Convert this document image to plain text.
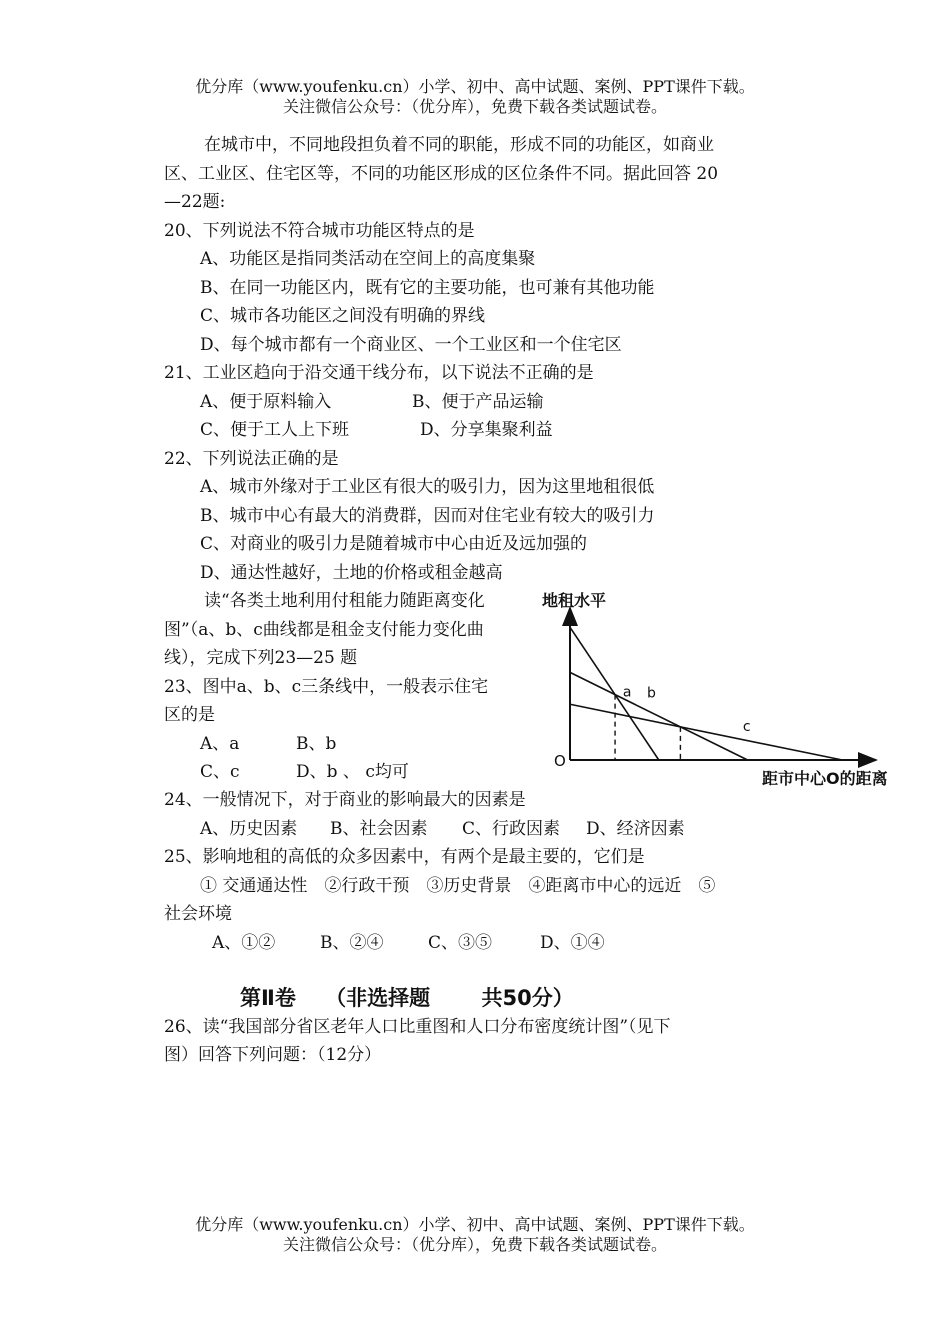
优分库（www.youfenku.cn）小学、初中、高中试题、案例、PPT课件下载。
关注微信公众号：（优分库），免费下载各类试题试卷。
在城市中，不同地段担负着不同的职能，形成不同的功能区，如商业
区、工业区、住宅区等，不同的功能区形成的区位条件不同。据此回答 20
—22题:
20、下列说法不符合城市功能区特点的是
A、功能区是指同类活动在空间上的高度集聚
B、在同一功能区内，既有它的主要功能，也可兼有其他功能
C、城市各功能区之间没有明确的界线
D、每个城市都有一个商业区、一个工业区和一个住宅区
21、工业区趋向于沿交通干线分布，以下说法不正确的是
A、便于原料输入	B、便于产品运输
C、便于工人上下班	D、分享集聚利益
22、下列说法正确的是
A、城市外缘对于工业区有很大的吸引力，因为这里地租很低
B、城市中心有最大的消费群，因而对住宅业有较大的吸引力
C、对商业的吸引力是随着城市中心由近及远加强的
D、通达性越好，土地的价格或租金越高
读“各类土地利用付租能力随距离变化
图”（a、b、c曲线都是租金支付能力变化曲
线），完成下列23—25 题
23、图中a、b、c三条线中，一般表示住宅
区的是
A、a	B、b
C、c	D、b 、 c均可
a b
c
地租水平
距市中心O的距离
O
24、一般情况下，对于商业的影响最大的因素是
A、历史因素 B、社会因素 C、行政因素 D、经济因素
25、影响地租的高低的众多因素中，有两个是最主要的，它们是
① 交通通达性　②行政干预　③历史背景　④距离市中心的远近　⑤
社会环境
A、①②	B、②④	C、③⑤	D、①④
第Ⅱ卷 （非选择题 共50分）
26、读“我国部分省区老年人口比重图和人口分布密度统计图”（见下
图）回答下列问题：（12分）
优分库（www.youfenku.cn）小学、初中、高中试题、案例、PPT课件下载。
关注微信公众号：（优分库），免费下载各类试题试卷。
